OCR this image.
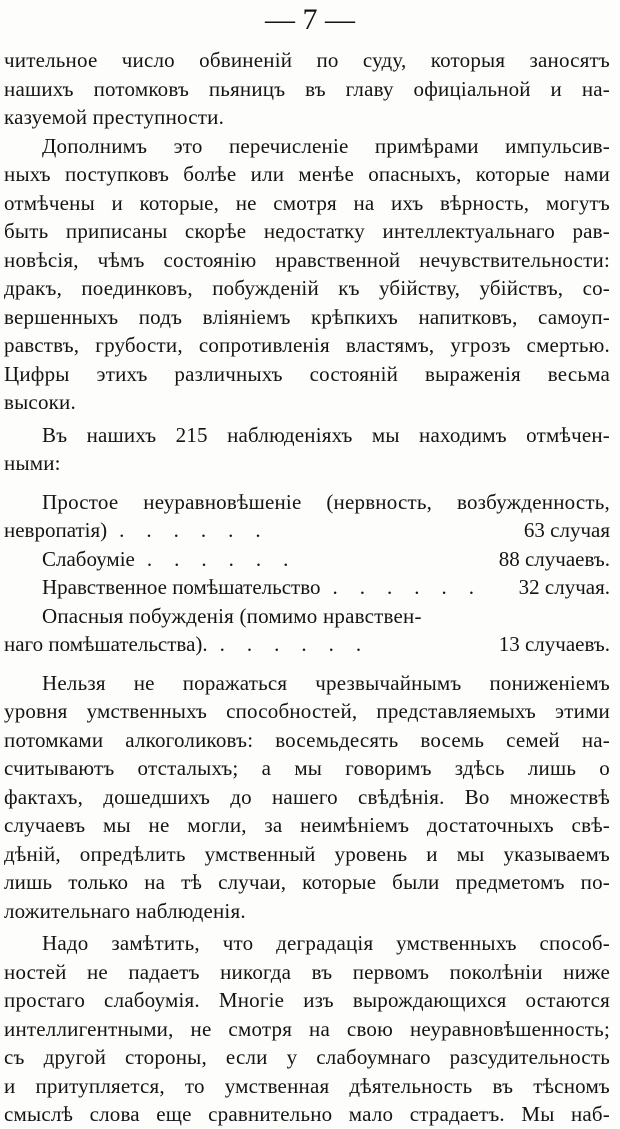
— 7 —
чительное число обвиненій по суду, которыя заносятъ
нашихъ потомковъ пьяницъ въ главу офиціальной и на-
казуемой преступности.
Дополнимъ это перечисленіе примѣрами импульсив-
ныхъ поступковъ болѣе или менѣе опасныхъ, которые нами
отмѣчены и которые, не смотря на ихъ вѣрность, могутъ
быть приписаны скорѣе недостатку интеллектуальнаго рав-
новѣсія, чѣмъ состоянію нравственной нечувствительности:
дракъ, поединковъ, побужденій къ убійству, убійствъ, со-
вершенныхъ подъ вліяніемъ крѣпкихъ напитковъ, самоуп-
равствъ, грубости, сопротивленія властямъ, угрозъ смертью.
Цифры этихъ различныхъ состояній выраженія весьма
высоки.
Въ нашихъ 215 наблюденіяхъ мы находимъ отмѣчен-
ными:
Простое неуравновѣшеніе (нервность, возбужденность,
невропатія) ......	63 случая
Слабоуміе ......	88 случаевъ.
Нравственное помѣшательство ......	32 случая.
Опасныя побужденія (помимо нравствен-
наго помѣшательства). ......	13 случаевъ.
Нельзя не поражаться чрезвычайнымъ пониженіемъ
уровня умственныхъ способностей, представляемыхъ этими
потомками алкоголиковъ: восемьдесять восемь семей на-
считываютъ отсталыхъ; а мы говоримъ здѣсь лишь о
фактахъ, дошедшихъ до нашего свѣдѣнія. Во множествѣ
случаевъ мы не могли, за неимѣніемъ достаточныхъ свѣ-
дѣній, опредѣлить умственный уровень и мы указываемъ
лишь только на тѣ случаи, которые были предметомъ по-
ложительнаго наблюденія.
Надо замѣтить, что деградація умственныхъ способ-
ностей не падаетъ никогда въ первомъ поколѣніи ниже
простаго слабоумія. Многіе изъ вырождающихся остаются
интеллигентными, не смотря на свою неуравновѣшенность;
съ другой стороны, если у слабоумнаго разсудительность
и притупляется, то умственная дѣятельность въ тѣсномъ
смыслѣ слова еще сравнительно мало страдаетъ. Мы наб-
